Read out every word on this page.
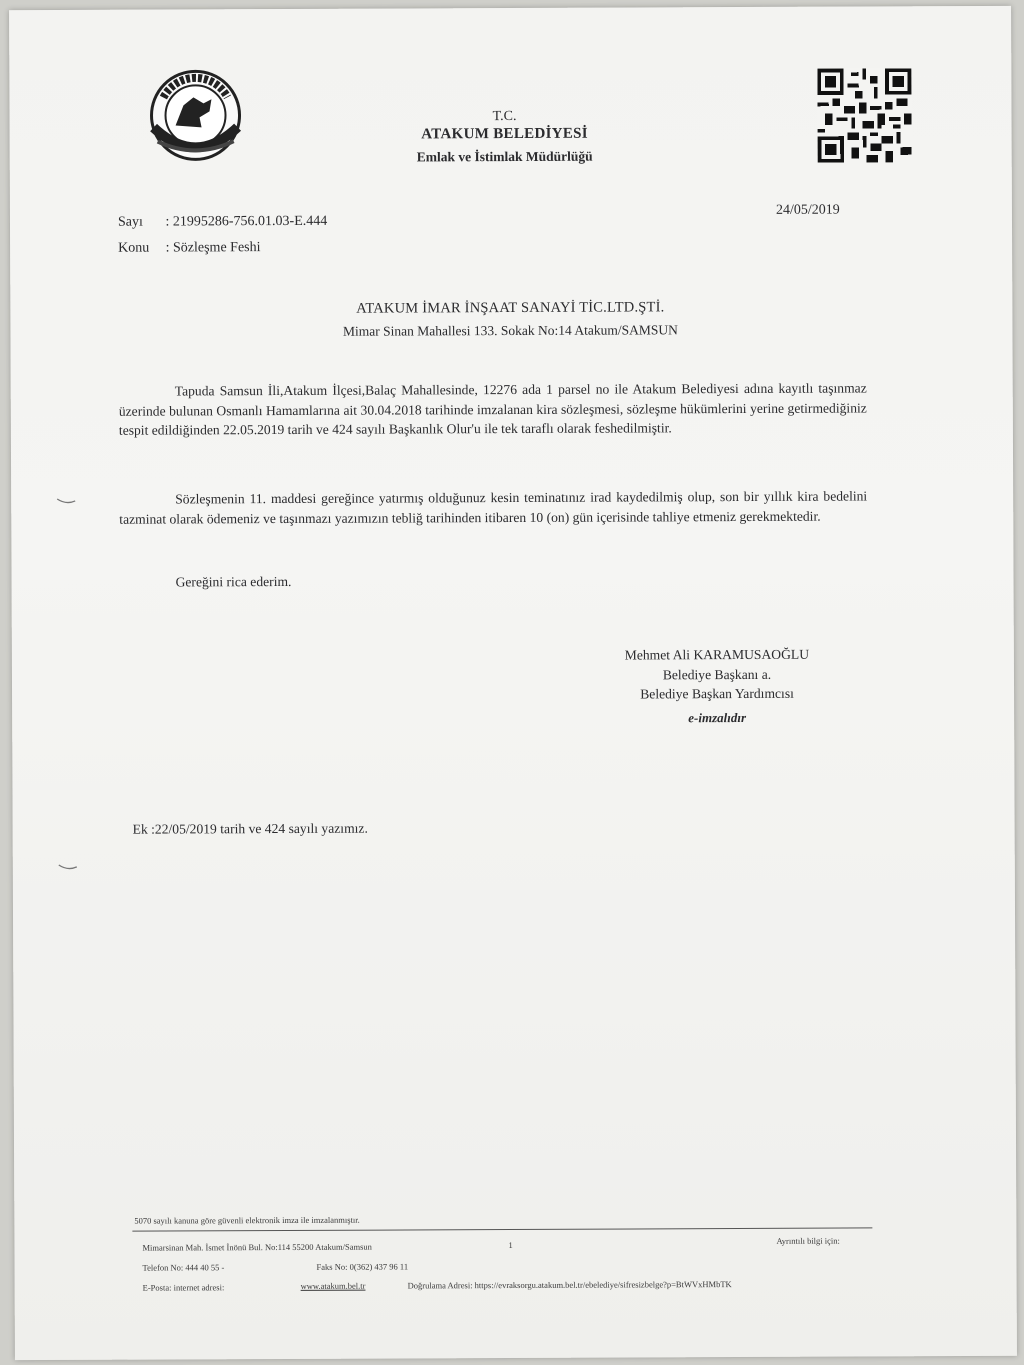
T.C.
ATAKUM BELEDİYESİ
Emlak ve İstimlak Müdürlüğü
24/05/2019
Sayı : 21995286-756.01.03-E.444
Konu : Sözleşme Feshi
ATAKUM İMAR İNŞAAT SANAYİ TİC.LTD.ŞTİ.
Mimar Sinan Mahallesi 133. Sokak No:14 Atakum/SAMSUN
Tapuda Samsun İli,Atakum İlçesi,Balaç Mahallesinde, 12276 ada 1 parsel no ile Atakum Belediyesi adına kayıtlı taşınmaz üzerinde bulunan Osmanlı Hamamlarına ait 30.04.2018 tarihinde imzalanan kira sözleşmesi, sözleşme hükümlerini yerine getirmediğiniz tespit edildiğinden 22.05.2019 tarih ve 424 sayılı Başkanlık Olur'u ile tek taraflı olarak feshedilmiştir.
Sözleşmenin 11. maddesi gereğince yatırmış olduğunuz kesin teminatınız irad kaydedilmiş olup, son bir yıllık kira bedelini tazminat olarak ödemeniz ve taşınmazı yazımızın tebliğ tarihinden itibaren 10 (on) gün içerisinde tahliye etmeniz gerekmektedir.
Gereğini rica ederim.
Mehmet Ali KARAMUSAOĞLU
Belediye Başkanı a.
Belediye Başkan Yardımcısı
e-imzalıdır
Ek :22/05/2019 tarih ve 424 sayılı yazımız.
5070 sayılı kanuna göre güvenli elektronik imza ile imzalanmıştır.
Mimarsinan Mah. İsmet İnönü Bul. No:114 55200 Atakum/Samsun	1	Ayrıntılı bilgi için:
Telefon No: 444 40 55 -	Faks No: 0(362) 437 96 11
E-Posta: internet adresi:	www.atakum.bel.tr	Doğrulama Adresi: https://evraksorgu.atakum.bel.tr/ebelediye/sifresizbelge?p=BtWVxHMbTK
